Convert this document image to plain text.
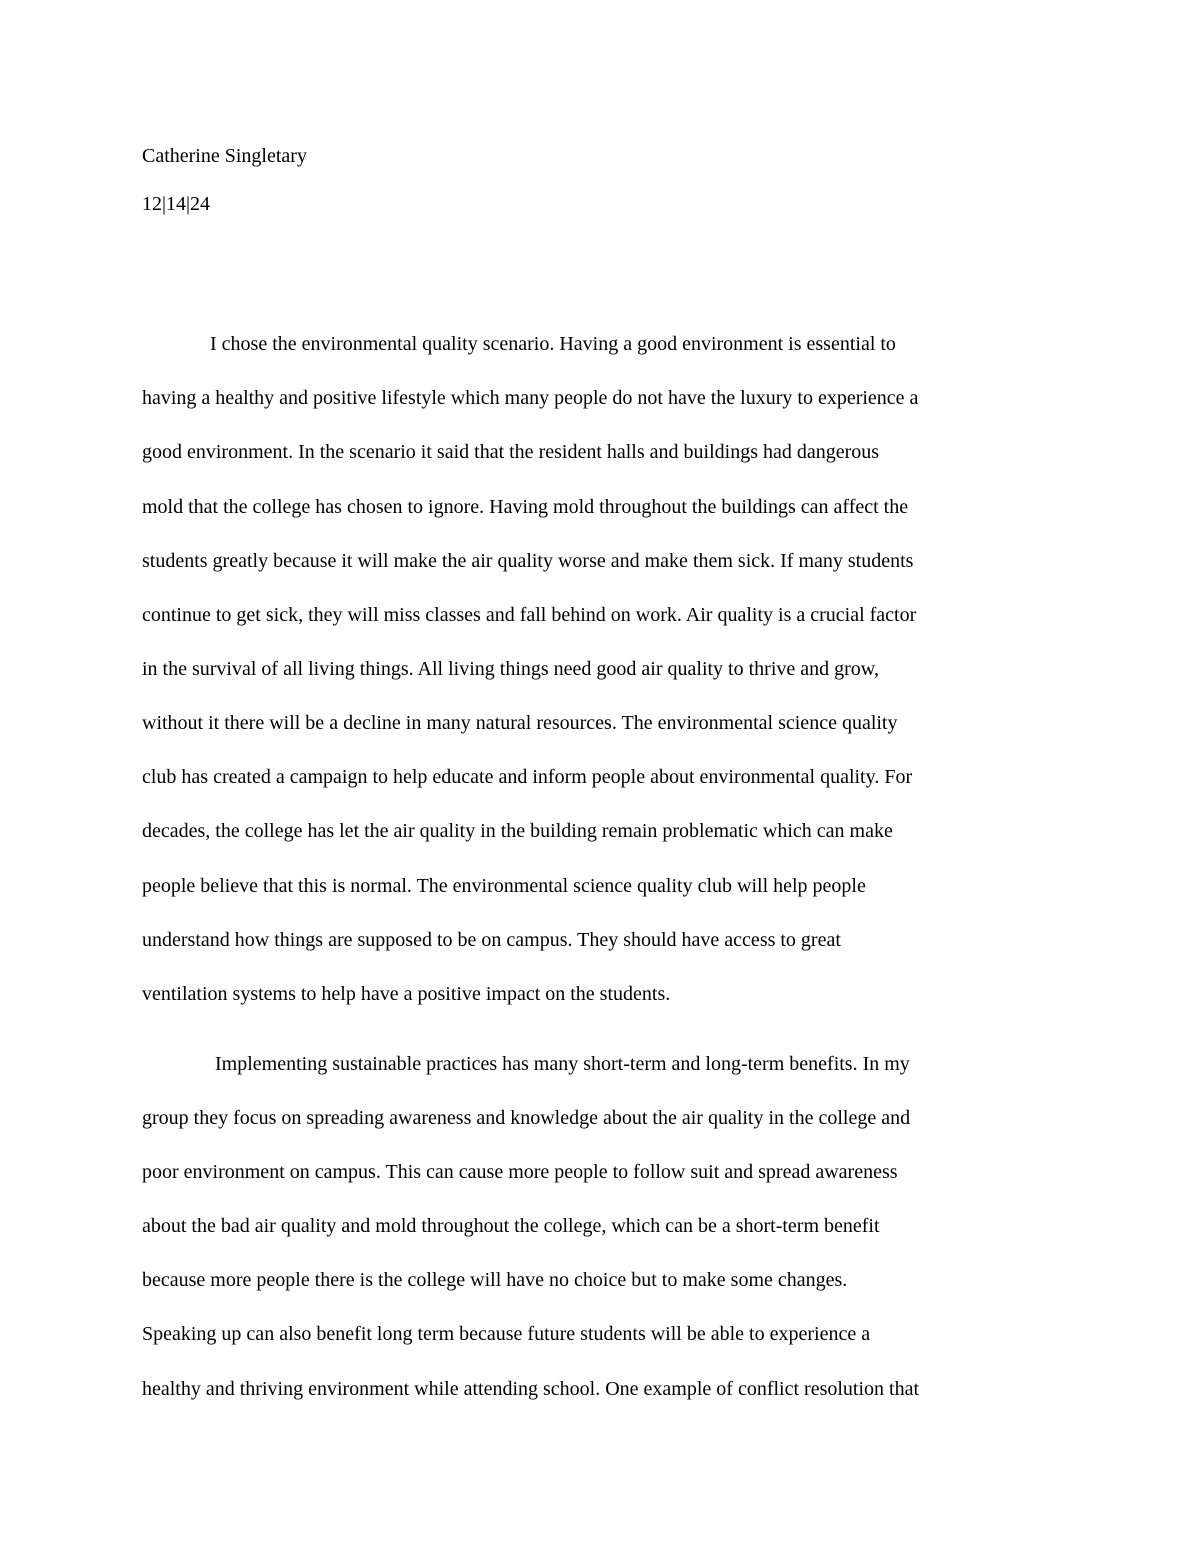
Catherine Singletary

12|14|24

I chose the environmental quality scenario. Having a good environment is essential to

having a healthy and positive lifestyle which many people do not have the luxury to experience a

good environment. In the scenario it said that the resident halls and buildings had dangerous

mold that the college has chosen to ignore. Having mold throughout the buildings can affect the

students greatly because it will make the air quality worse and make them sick. If many students

continue to get sick, they will miss classes and fall behind on work. Air quality is a crucial factor

in the survival of all living things. All living things need good air quality to thrive and grow,

without it there will be a decline in many natural resources. The environmental science quality

club has created a campaign to help educate and inform people about environmental quality. For

decades, the college has let the air quality in the building remain problematic which can make

people believe that this is normal. The environmental science quality club will help people

understand how things are supposed to be on campus. They should have access to great

ventilation systems to help have a positive impact on the students.

Implementing sustainable practices has many short-term and long-term benefits. In my

group they focus on spreading awareness and knowledge about the air quality in the college and

poor environment on campus. This can cause more people to follow suit and spread awareness

about the bad air quality and mold throughout the college, which can be a short-term benefit

because more people there is the college will have no choice but to make some changes.

Speaking up can also benefit long term because future students will be able to experience a

healthy and thriving environment while attending school. One example of conflict resolution that
